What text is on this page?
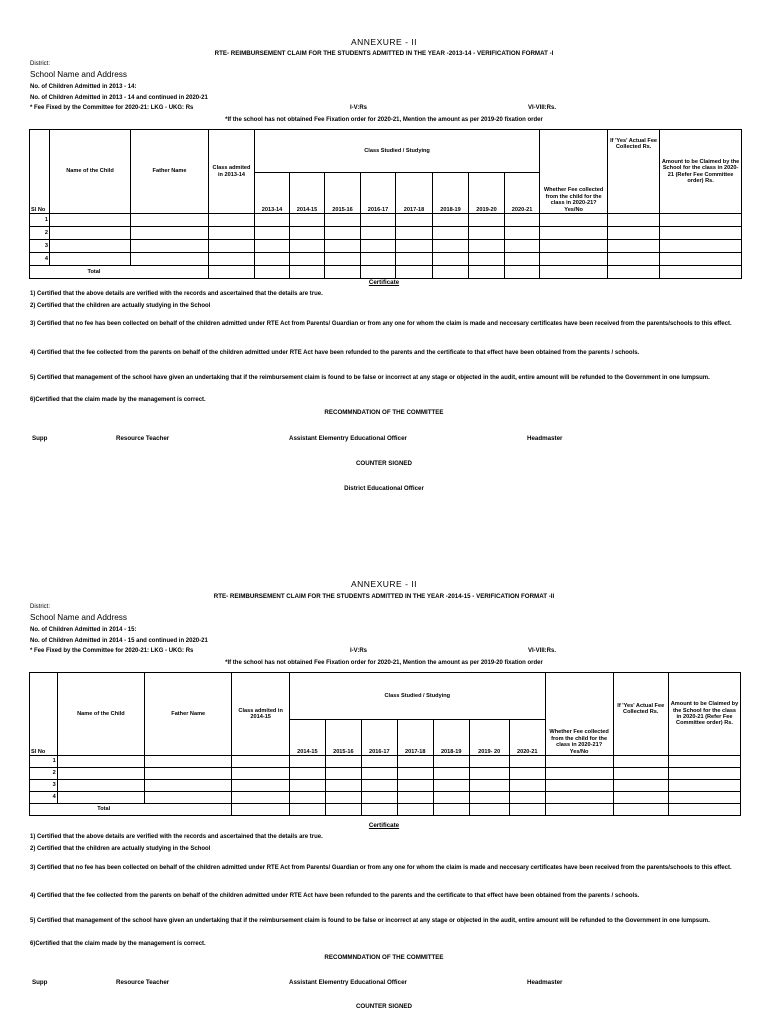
ANNEXURE - II
RTE- REIMBURSEMENT CLAIM FOR THE STUDENTS ADMITTED IN THE YEAR -2013-14 - VERIFICATION FORMAT -I
District:
School Name and Address
No. of Children Admitted in 2013 - 14:
No. of Children Admitted in 2013 - 14 and continued in 2020-21
* Fee Fixed by the Committee for 2020-21: LKG - UKG: Rs	I-V:Rs	VI-VIII:Rs.
*If the school has not obtained Fee Fixation order for 2020-21, Mention the amount as per 2019-20 fixation order
Sl No	Name of the Child	Father Name	Class admited in 2013-14	Class Studied / Studying								Whether Fee collected from the child for the class in 2020-21? Yes/No	If 'Yes' Actual Fee Collected Rs.	Amount to be Claimed by the School for the class in 2020-21 (Refer Fee Committee order) Rs.
				2013-14	2014-15	2015-16	2016-17	2017-18	2018-19	2019-20	2020-21			
1														
2														
3														
4														
	Total													
Certificate
1) Certified that the above details are verified with the records and ascertained that the details are true.
2) Certified that the children are actually studying in the School
3) Certified that no fee has been collected on behalf of the children admitted under RTE Act from Parents/ Guardian or from any one for whom the claim is made and neccesary certificates have been received from the parents/schools to this effect.
4) Certified that the fee collected from the parents on behalf of the children admitted under RTE Act have been refunded to the parents and the certificate to that effect have been obtained from the parents / schools.
5) Certified that management of the school have given an undertaking that if the reimbursement claim is found to be false or incorrect at any stage or objected in the audit, entire amount will be refunded to the Government in one lumpsum.
6)Certified that the claim made by the management is correct.
RECOMMNDATION OF THE COMMITTEE
Supp	Resource Teacher	Assistant Elementry Educational Officer	Headmaster
COUNTER SIGNED
District Educational Officer
ANNEXURE - II
RTE- REIMBURSEMENT CLAIM FOR THE STUDENTS ADMITTED IN THE YEAR -2014-15 - VERIFICATION FORMAT -II
District:
School Name and Address
No. of Children Admitted in 2014 - 15:
No. of Children Admitted in 2014 - 15 and continued in 2020-21
* Fee Fixed by the Committee for 2020-21: LKG - UKG: Rs	I-V:Rs	VI-VIII:Rs.
*If the school has not obtained Fee Fixation order for 2020-21, Mention the amount as per 2019-20 fixation order
Sl No	Name of the Child	Father Name	Class admited in 2014-15	Class Studied / Studying							Whether Fee collected from the child for the class in 2020-21? Yes/No	If 'Yes' Actual Fee Collected Rs.	Amount to be Claimed by the School for the class in 2020-21 (Refer Fee Committee order) Rs.
				2014-15	2015-16	2016-17	2017-18	2018-19	2019- 20	2020-21			
1													
2													
3													
4													
	Total												
Certificate
1) Certified that the above details are verified with the records and ascertained that the details are true.
2) Certified that the children are actually studying in the School
3) Certified that no fee has been collected on behalf of the children admitted under RTE Act from Parents/ Guardian or from any one for whom the claim is made and neccesary certificates have been received from the parents/schools to this effect.
4) Certified that the fee collected from the parents on behalf of the children admitted under RTE Act have been refunded to the parents and the certificate to that effect have been obtained from the parents / schools.
5) Certified that management of the school have given an undertaking that if the reimbursement claim is found to be false or incorrect at any stage or objected in the audit, entire amount will be refunded to the Government in one lumpsum.
6)Certified that the claim made by the management is correct.
RECOMMNDATION OF THE COMMITTEE
Supp	Resource Teacher	Assistant Elementry Educational Officer	Headmaster
COUNTER SIGNED
